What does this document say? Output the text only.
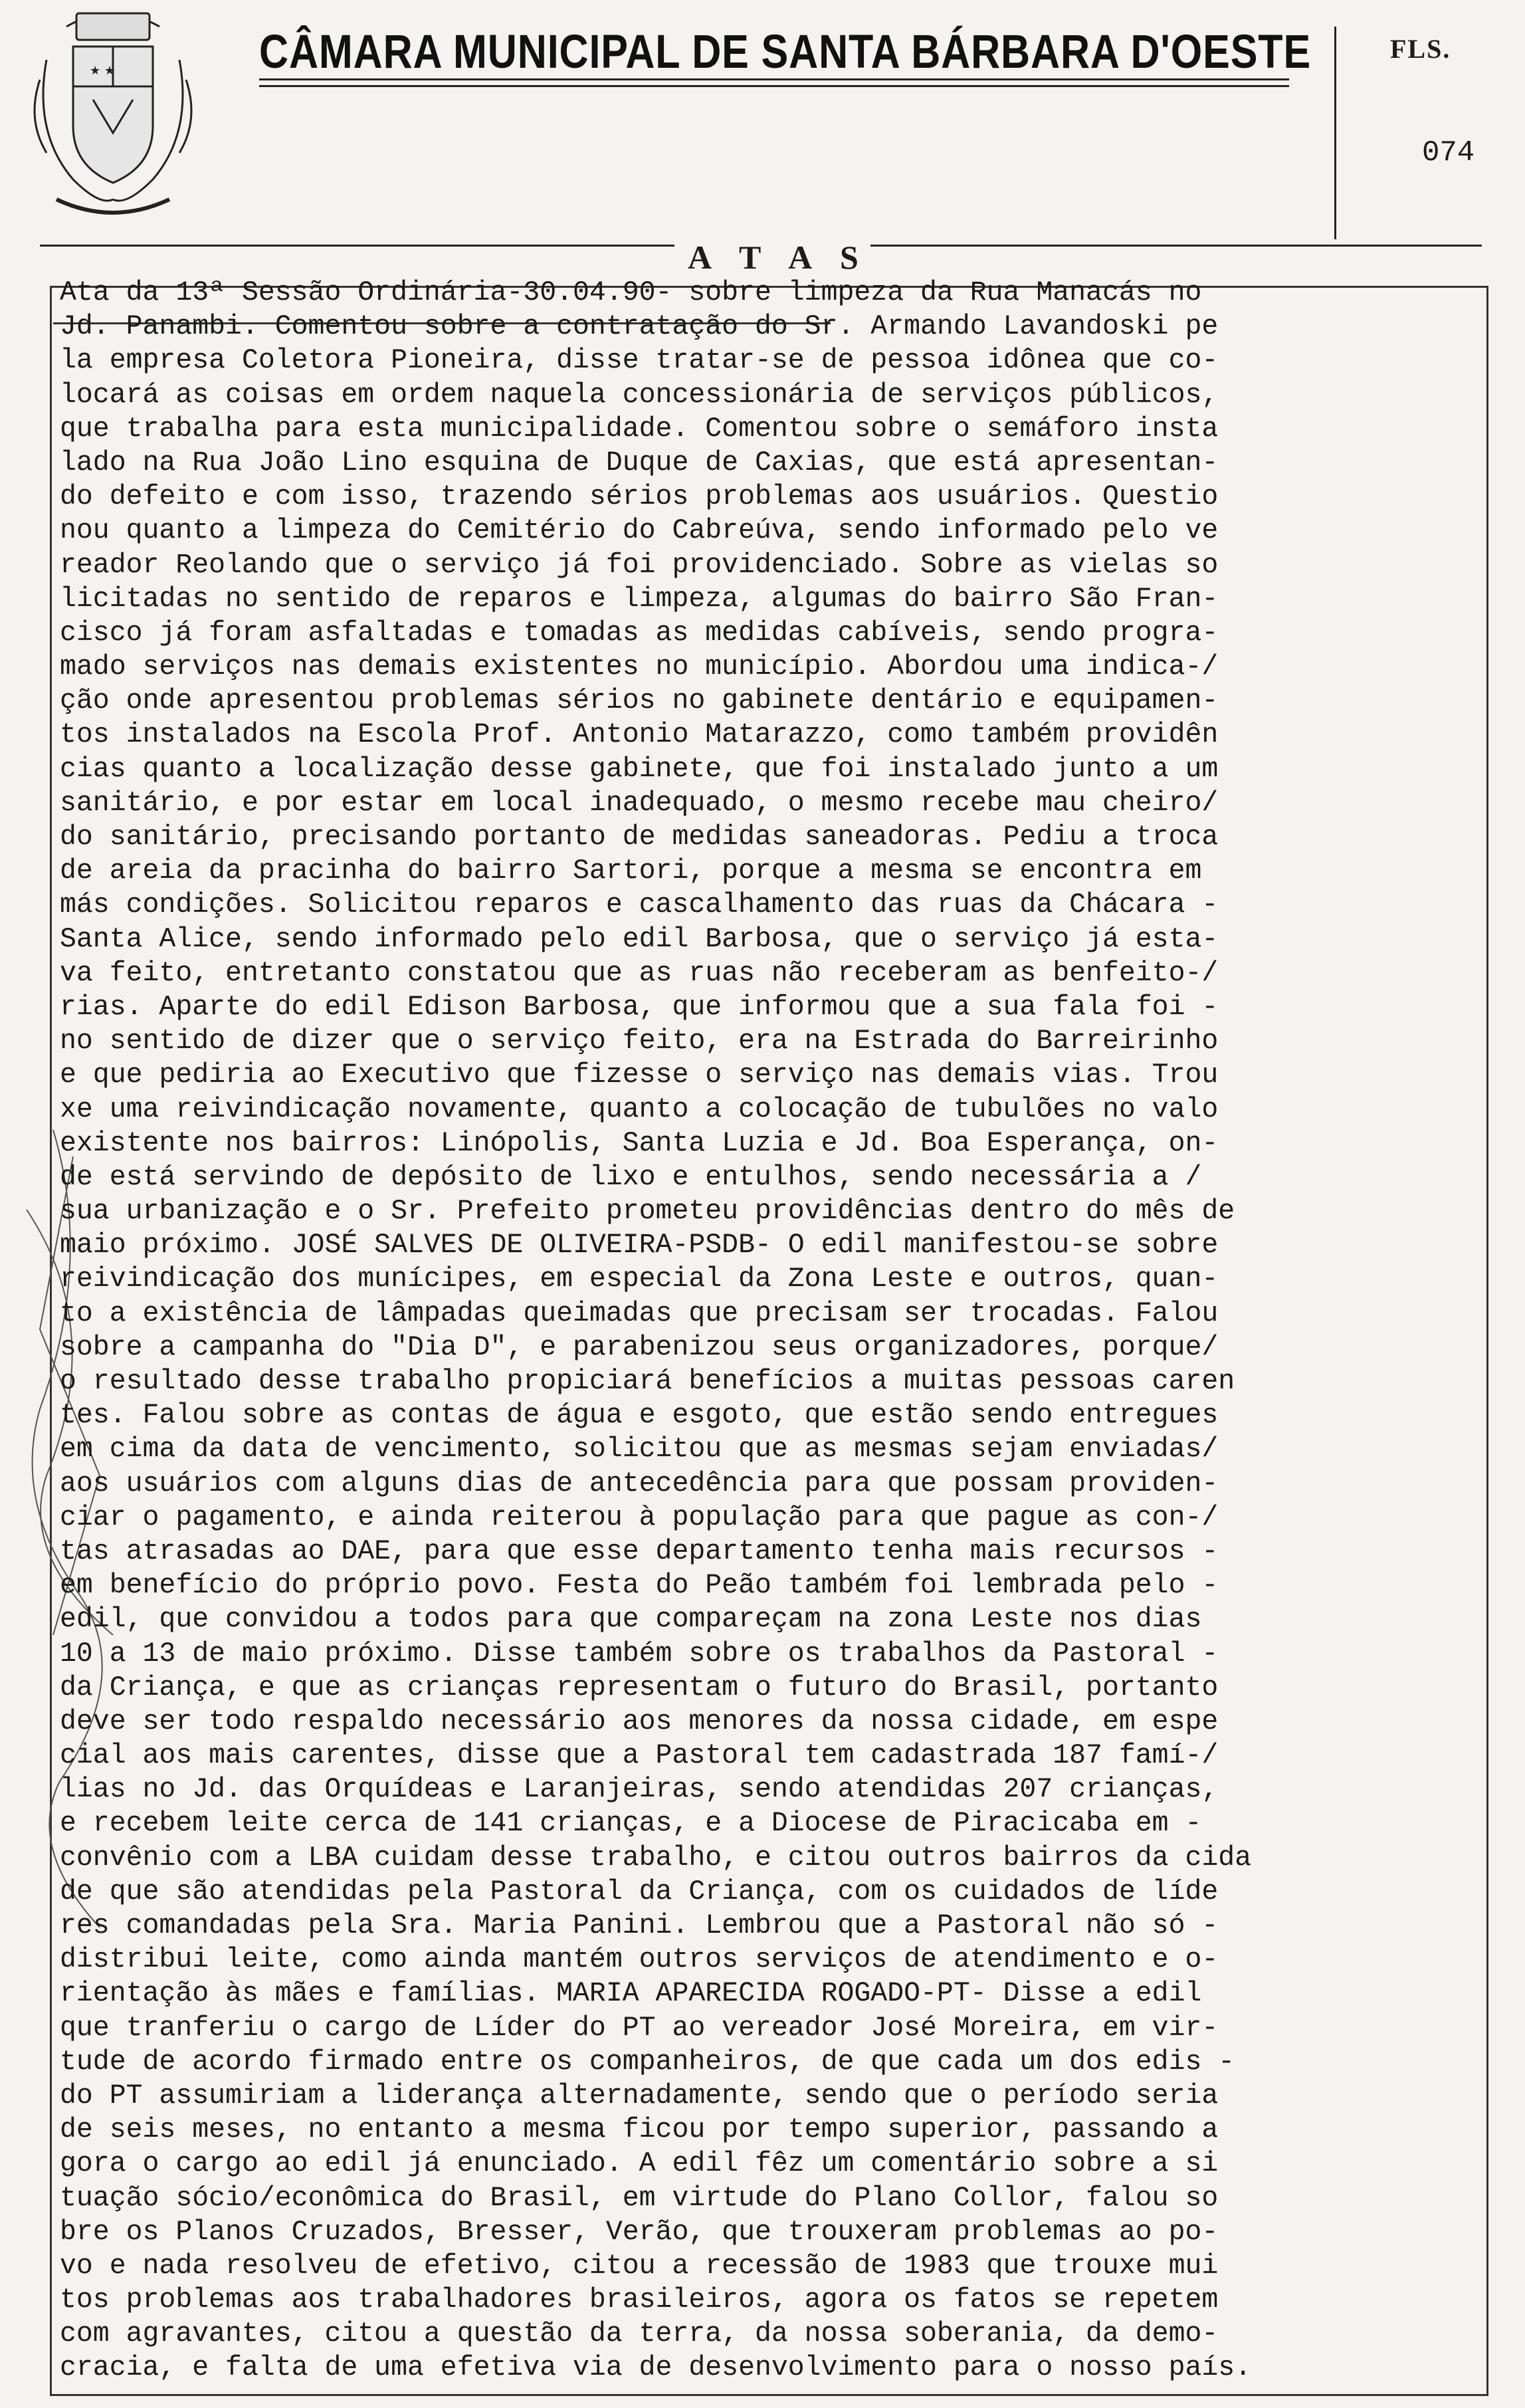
★ ★	CÂMARA MUNICIPAL DE SANTA BÁRBARA D'OESTE	FLS.
074
A T A S
Ata da 13ª Sessão Ordinária-30.04.90- sobre limpeza da Rua Manacás no
Jd. Panambi. Comentou sobre a contratação do Sr. Armando Lavandoski pe
la empresa Coletora Pioneira, disse tratar-se de pessoa idônea que co-
locará as coisas em ordem naquela concessionária de serviços públicos,
que trabalha para esta municipalidade. Comentou sobre o semáforo insta
lado na Rua João Lino esquina de Duque de Caxias, que está apresentan-
do defeito e com isso, trazendo sérios problemas aos usuários. Questio
nou quanto a limpeza do Cemitério do Cabreúva, sendo informado pelo ve
reador Reolando que o serviço já foi providenciado. Sobre as vielas so
licitadas no sentido de reparos e limpeza, algumas do bairro São Fran-
cisco já foram asfaltadas e tomadas as medidas cabíveis, sendo progra-
mado serviços nas demais existentes no município. Abordou uma indica-/
ção onde apresentou problemas sérios no gabinete dentário e equipamen-
tos instalados na Escola Prof. Antonio Matarazzo, como também providên
cias quanto a localização desse gabinete, que foi instalado junto a um
sanitário, e por estar em local inadequado, o mesmo recebe mau cheiro/
do sanitário, precisando portanto de medidas saneadoras. Pediu a troca
de areia da pracinha do bairro Sartori, porque a mesma se encontra em
más condições. Solicitou reparos e cascalhamento das ruas da Chácara -
Santa Alice, sendo informado pelo edil Barbosa, que o serviço já esta-
va feito, entretanto constatou que as ruas não receberam as benfeito-/
rias. Aparte do edil Edison Barbosa, que informou que a sua fala foi -
no sentido de dizer que o serviço feito, era na Estrada do Barreirinho
e que pediria ao Executivo que fizesse o serviço nas demais vias. Trou
xe uma reivindicação novamente, quanto a colocação de tubulões no valo
existente nos bairros: Linópolis, Santa Luzia e Jd. Boa Esperança, on-
de está servindo de depósito de lixo e entulhos, sendo necessária a /
sua urbanização e o Sr. Prefeito prometeu providências dentro do mês de
maio próximo. JOSÉ SALVES DE OLIVEIRA-PSDB- O edil manifestou-se sobre
reivindicação dos munícipes, em especial da Zona Leste e outros, quan-
to a existência de lâmpadas queimadas que precisam ser trocadas. Falou
sobre a campanha do "Dia D", e parabenizou seus organizadores, porque/
o resultado desse trabalho propiciará benefícios a muitas pessoas caren
tes. Falou sobre as contas de água e esgoto, que estão sendo entregues
em cima da data de vencimento, solicitou que as mesmas sejam enviadas/
aos usuários com alguns dias de antecedência para que possam providen-
ciar o pagamento, e ainda reiterou à população para que pague as con-/
tas atrasadas ao DAE, para que esse departamento tenha mais recursos -
em benefício do próprio povo. Festa do Peão também foi lembrada pelo -
edil, que convidou a todos para que compareçam na zona Leste nos dias
10 a 13 de maio próximo. Disse também sobre os trabalhos da Pastoral -
da Criança, e que as crianças representam o futuro do Brasil, portanto
deve ser todo respaldo necessário aos menores da nossa cidade, em espe
cial aos mais carentes, disse que a Pastoral tem cadastrada 187 famí-/
lias no Jd. das Orquídeas e Laranjeiras, sendo atendidas 207 crianças,
e recebem leite cerca de 141 crianças, e a Diocese de Piracicaba em -
convênio com a LBA cuidam desse trabalho, e citou outros bairros da cida
de que são atendidas pela Pastoral da Criança, com os cuidados de líde
res comandadas pela Sra. Maria Panini. Lembrou que a Pastoral não só -
distribui leite, como ainda mantém outros serviços de atendimento e o-
rientação às mães e famílias. MARIA APARECIDA ROGADO-PT- Disse a edil
que tranferiu o cargo de Líder do PT ao vereador José Moreira, em vir-
tude de acordo firmado entre os companheiros, de que cada um dos edis -
do PT assumiriam a liderança alternadamente, sendo que o período seria
de seis meses, no entanto a mesma ficou por tempo superior, passando a
gora o cargo ao edil já enunciado. A edil fêz um comentário sobre a si
tuação sócio/econômica do Brasil, em virtude do Plano Collor, falou so
bre os Planos Cruzados, Bresser, Verão, que trouxeram problemas ao po-
vo e nada resolveu de efetivo, citou a recessão de 1983 que trouxe mui
tos problemas aos trabalhadores brasileiros, agora os fatos se repetem
com agravantes, citou a questão da terra, da nossa soberania, da demo-
cracia, e falta de uma efetiva via de desenvolvimento para o nosso país.
